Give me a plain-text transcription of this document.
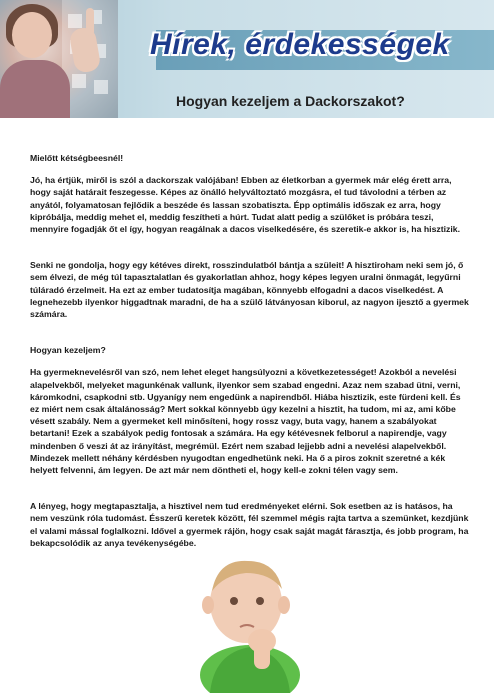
Hírek, érdekességek
Hogyan kezeljem a Dackorszakot?

Mielőtt kétségbeesnél!

Jó, ha értjük, miről is szól a dackorszak valójában! Ebben az életkorban a gyermek már elég érett arra, hogy saját határait feszegesse. Képes az önálló helyváltoztató mozgásra, el tud távolodni a térben az anyától, folyamatosan fejlődik a beszéde és lassan szobatiszta. Épp optimális időszak ez arra, hogy kipróbálja, meddig mehet el, meddig feszítheti a húrt. Tudat alatt pedig a szülőket is próbára teszi, mennyire fogadják őt el így, hogyan reagálnak a dacos viselkedésére, és szeretik-e akkor is, ha hisztizik.

Senki ne gondolja, hogy egy kétéves direkt, rosszindulatból bántja a szüleit! A hisztiroham neki sem jó, ő sem élvezi, de még túl tapasztalatlan és gyakorlatlan ahhoz, hogy képes legyen uralni önmagát, legyűrni túláradó érzelmeit. Ha ezt az ember tudatosítja magában, könnyebb elfogadni a dacos viselkedést. A legnehezebb ilyenkor higgadtnak maradni, de ha a szülő látványosan kiborul, az nagyon ijesztő a gyermek számára.

Hogyan kezeljem?

Ha gyermeknevelésről van szó, nem lehet eleget hangsúlyozni a következetességet! Azokból a nevelési alapelvekből, melyeket magunkénak vallunk, ilyenkor sem szabad engedni. Azaz nem szabad ütni, verni, káromkodni, csapkodni stb. Ugyanígy nem engedünk a napirendből. Hiába hisztizik, este fürdeni kell. És ez miért nem csak általánosság? Mert sokkal könnyebb úgy kezelni a hisztit, ha tudom, mi az, ami kőbe vésett szabály. Nem a gyermeket kell minősíteni, hogy rossz vagy, buta vagy, hanem a szabályokat betartani! Ezek a szabályok pedig fontosak a számára. Ha egy kétévesnek felborul a napirendje, vagy mindenben ő veszi át az irányítást, megrémül. Ezért nem szabad lejjebb adni a nevelési alapelvekből. Mindezek mellett néhány kérdésben nyugodtan engedhetünk neki. Ha ő a piros zoknit szeretné a kék helyett felvenni, ám legyen. De azt már nem döntheti el, hogy kell-e zokni télen vagy sem.

A lényeg, hogy megtapasztalja, a hisztivel nem tud eredményeket elérni. Sok esetben az is hatásos, ha nem veszünk róla tudomást. Ésszerű keretek között, fél szemmel mégis rajta tartva a szemünket, kezdjünk el valami mással foglalkozni. Idővel a gyermek rájön, hogy csak saját magát fárasztja, és jobb program, ha bekapcsolódik az anya tevékenységébe.
